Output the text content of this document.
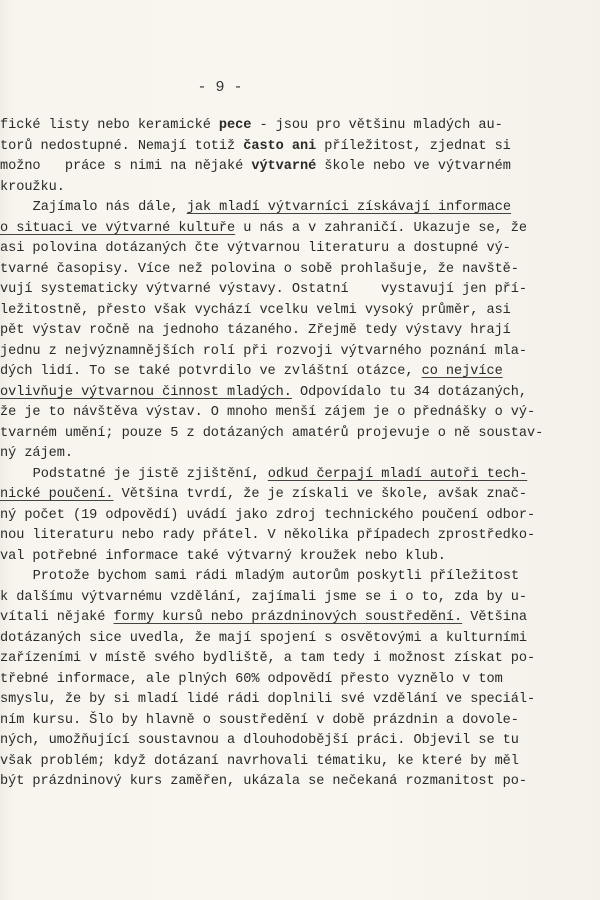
- 9 -
fické listy nebo keramické pece - jsou pro většinu mladých au-
torů nedostupné. Nemají totiž často ani příležitost, zjednat si
možno   práce s nimi na nějaké výtvarné škole nebo ve výtvarném
kroužku.
Zajímalo nás dále, jak mladí výtvarníci získávají informace
o situaci ve výtvarné kultuře u nás a v zahraničí. Ukazuje se, že
asi polovina dotázaných čte výtvarnou literaturu a dostupné vý-
tvarné časopisy. Více než polovina o sobě prohlašuje, že navště-
vují systematicky výtvarné výstavy. Ostatní    vystavují jen pří-
ležitostně, přesto však vychází vcelku velmi vysoký průměr, asi
pět výstav ročně na jednoho tázaného. Zřejmě tedy výstavy hrají
jednu z nejvýznamnějších rolí při rozvoji výtvarného poznání mla-
dých lidí. To se také potvrdilo ve zvláštní otázce, co nejvíce
ovlivňuje výtvarnou činnost mladých. Odpovídalo tu 34 dotázaných,
že je to návštěva výstav. O mnoho menší zájem je o přednášky o vý-
tvarném umění; pouze 5 z dotázaných amatérů projevuje o ně soustav-
ný zájem.
Podstatné je jistě zjištění, odkud čerpají mladí autoři tech-
nické poučení. Většina tvrdí, že je získali ve škole, avšak znač-
ný počet (19 odpovědí) uvádí jako zdroj technického poučení odbor-
nou literaturu nebo rady přátel. V několika případech zprostředko-
val potřebné informace také výtvarný kroužek nebo klub.
Protože bychom sami rádi mladým autorům poskytli příležitost
k dalšímu výtvarnému vzdělání, zajímali jsme se i o to, zda by u-
vítali nějaké formy kursů nebo prázdninových soustředění. Většina
dotázaných sice uvedla, že mají spojení s osvětovými a kulturními
zařízeními v místě svého bydliště, a tam tedy i možnost získat po-
třebné informace, ale plných 60% odpovědí přesto vyznělo v tom
smyslu, že by si mladí lidé rádi doplnili své vzdělání ve speciál-
ním kursu. Šlo by hlavně o soustředění v době prázdnin a dovole-
ných, umožňující soustavnou a dlouhodobější práci. Objevil se tu
však problém; když dotázaní navrhovali tématiku, ke které by měl
být prázdninový kurs zaměřen, ukázala se nečekaná rozmanitost po-
